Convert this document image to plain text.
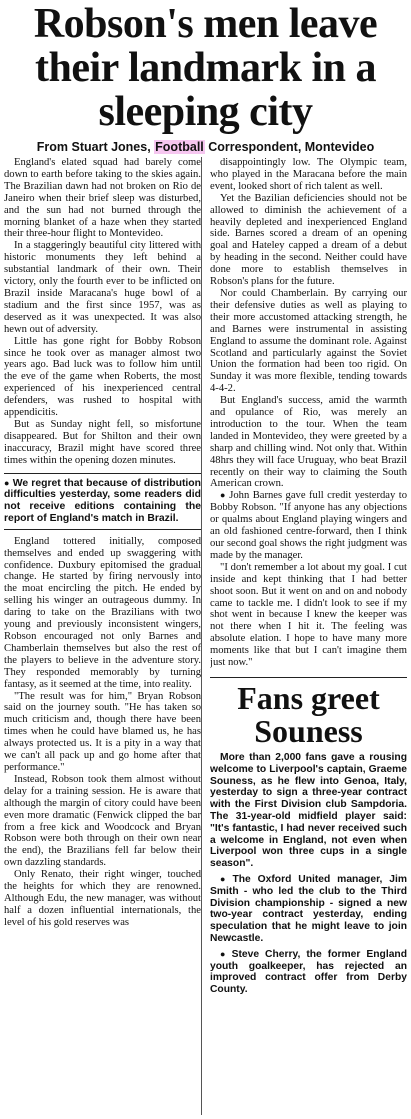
Robson's men leave their landmark in a sleeping city
From Stuart Jones, Football Correspondent, Montevideo

England's elated squad had barely come down to earth before taking to the skies again. The Brazilian dawn had not broken on Rio de Janeiro when their brief sleep was disturbed, and the sun had not burned through the morning blanket of a haze when they started their three-hour flight to Montevideo.

In a staggeringly beautiful city littered with historic monuments they left behind a substantial landmark of their own. Their victory, only the fourth ever to be inflicted on Brazil inside Maracana's huge bowl of a stadium and the first since 1957, was as deserved as it was unexpected. It was also hewn out of adversity.

Little has gone right for Bobby Robson since he took over as manager almost two years ago. Bad luck was to follow him until the eve of the game when Roberts, the most experienced of his inexperienced central defenders, was rushed to hospital with appendicitis.

But as Sunday night fell, so misfortune disappeared. But for Shilton and their own inaccuracy, Brazil might have scored three times within the opening dozen minutes.

● We regret that because of distribution difficulties yesterday, some readers did not receive editions containing the report of England's match in Brazil.

England tottered initially, composed themselves and ended up swaggering with confidence. Duxbury epitomised the gradual change. He started by firing nervously into the moat encircling the pitch. He ended by selling his winger an outrageous dummy. In daring to take on the Brazilians with two young and previously inconsistent wingers, Robson encouraged not only Barnes and Chamberlain themselves but also the rest of the players to believe in the adventure story. They responded memorably by turning fantasy, as it seemed at the time, into reality.

"The result was for him," Bryan Robson said on the journey south. "He has taken so much criticism and, though there have been times when he could have blamed us, he has always protected us. It is a pity in a way that we can't all pack up and go home after that performance."

Instead, Robson took them almost without delay for a training session. He is aware that although the margin of citory could have been even more dramatic (Fenwick clipped the bar from a free kick and Woodcock and Bryan Robson were both through on their own near the end), the Brazilians fell far below their own dazzling standards.

Only Renato, their right winger, touched the heights for which they are renowned. Although Edu, the new manager, was without half a dozen influential internationals, the level of his gold reserves was

disappointingly low. The Olympic team, who played in the Maracana before the main event, looked short of rich talent as well.

Yet the Bazilian deficiencies should not be allowed to diminish the achievement of a heavily depleted and inexperienced England side. Barnes scored a dream of an opening goal and Hateley capped a dream of a debut by heading in the second. Neither could have done more to establish themselves in Robson's plans for the future.

Nor could Chamberlain. By carrying our their defensive duties as well as playing to their more accustomed attacking strength, he and Barnes were instrumental in assisting England to assume the dominant role. Against Scotland and particularly against the Soviet Union the formation had been too rigid. On Sunday it was more flexible, tending towards 4-4-2.

But England's success, amid the warmth and opulance of Rio, was merely an introduction to the tour. When the team landed in Montevideo, they were greeted by a sharp and chilling wind. Not only that. Within 48hrs they will face Uruguay, who beat Brazil recently on their way to claiming the South American crown.

● John Barnes gave full credit yesterday to Bobby Robson. "If anyone has any objections or qualms about England playing wingers and an old fashioned centre-forward, then I think our second goal shows the right judgment was made by the manager.

"I don't remember a lot about my goal. I cut inside and kept thinking that I had better shoot soon. But it went on and on and nobody came to tackle me. I didn't look to see if my shot went in because I knew the keeper was not there when I hit it. The feeling was absolute elation. I hope to have many more moments like that but I can't imagine them just now."

Fans greet Souness

More than 2,000 fans gave a rousing welcome to Liverpool's captain, Graeme Souness, as he flew into Genoa, Italy, yesterday to sign a three-year contract with the First Division club Sampdoria. The 31-year-old midfield player said: "It's fantastic, I had never received such a welcome in England, not even when Liverpool won three cups in a single season".

● The Oxford United manager, Jim Smith - who led the club to the Third Division championship - signed a new two-year contract yesterday, ending speculation that he might leave to join Newcastle.

● Steve Cherry, the former England youth goalkeeper, has rejected an improved contract offer from Derby County.
